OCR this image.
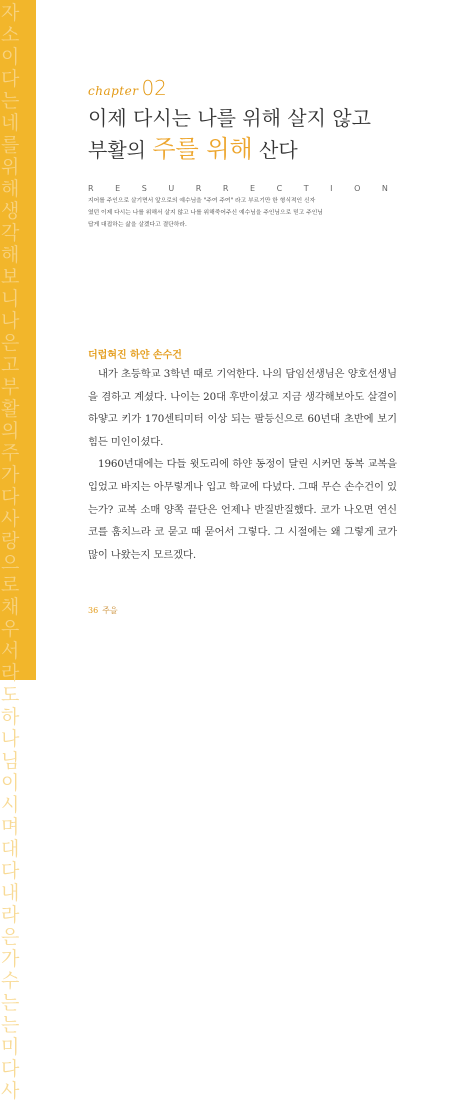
자소이다는네를위해생각해보니나은고부활의주가다사랑으로채우서라도하나님이시며대다내라은가수는는미다사
chapter 02
이제 다시는 나를 위해 살지 않고
부활의 주를 위해 산다
R	E	S	U	R	R	E	C	T	I	O	N
지어를 주인으로 살기면서 앞으로의 예수님을 "주여 주여" 라고 부르기만 한 형식적인 신자
였던 이제 다시는 나를 위해서 살지 않고 나를 위해죽어주신 예수님을 주인님으로 믿고 주인님
답게 대접하는 삶을 살겠다고 결단하라.
더럽혀진 하얀 손수건

내가 초등학교 3학년 때로 기억한다. 나의 담임선생님은 양호선생님을 겸하고 계셨다. 나이는 20대 후반이셨고 지금 생각해보아도 살결이 하얗고 키가 170센티미터 이상 되는 팔등신으로 60년대 초반에 보기 힘든 미인이셨다.

1960년대에는 다들 윗도리에 하얀 동정이 달린 시커먼 동복 교복을 입었고 바지는 아무렇게나 입고 학교에 다녔다. 그때 무슨 손수건이 있는가? 교복 소매 양쪽 끝단은 언제나 반질반질했다. 코가 나오면 연신 코를 훔치느라 코 묻고 때 묻어서 그렇다. 그 시절에는 왜 그렇게 코가 많이 나왔는지 모르겠다.

36 주을
